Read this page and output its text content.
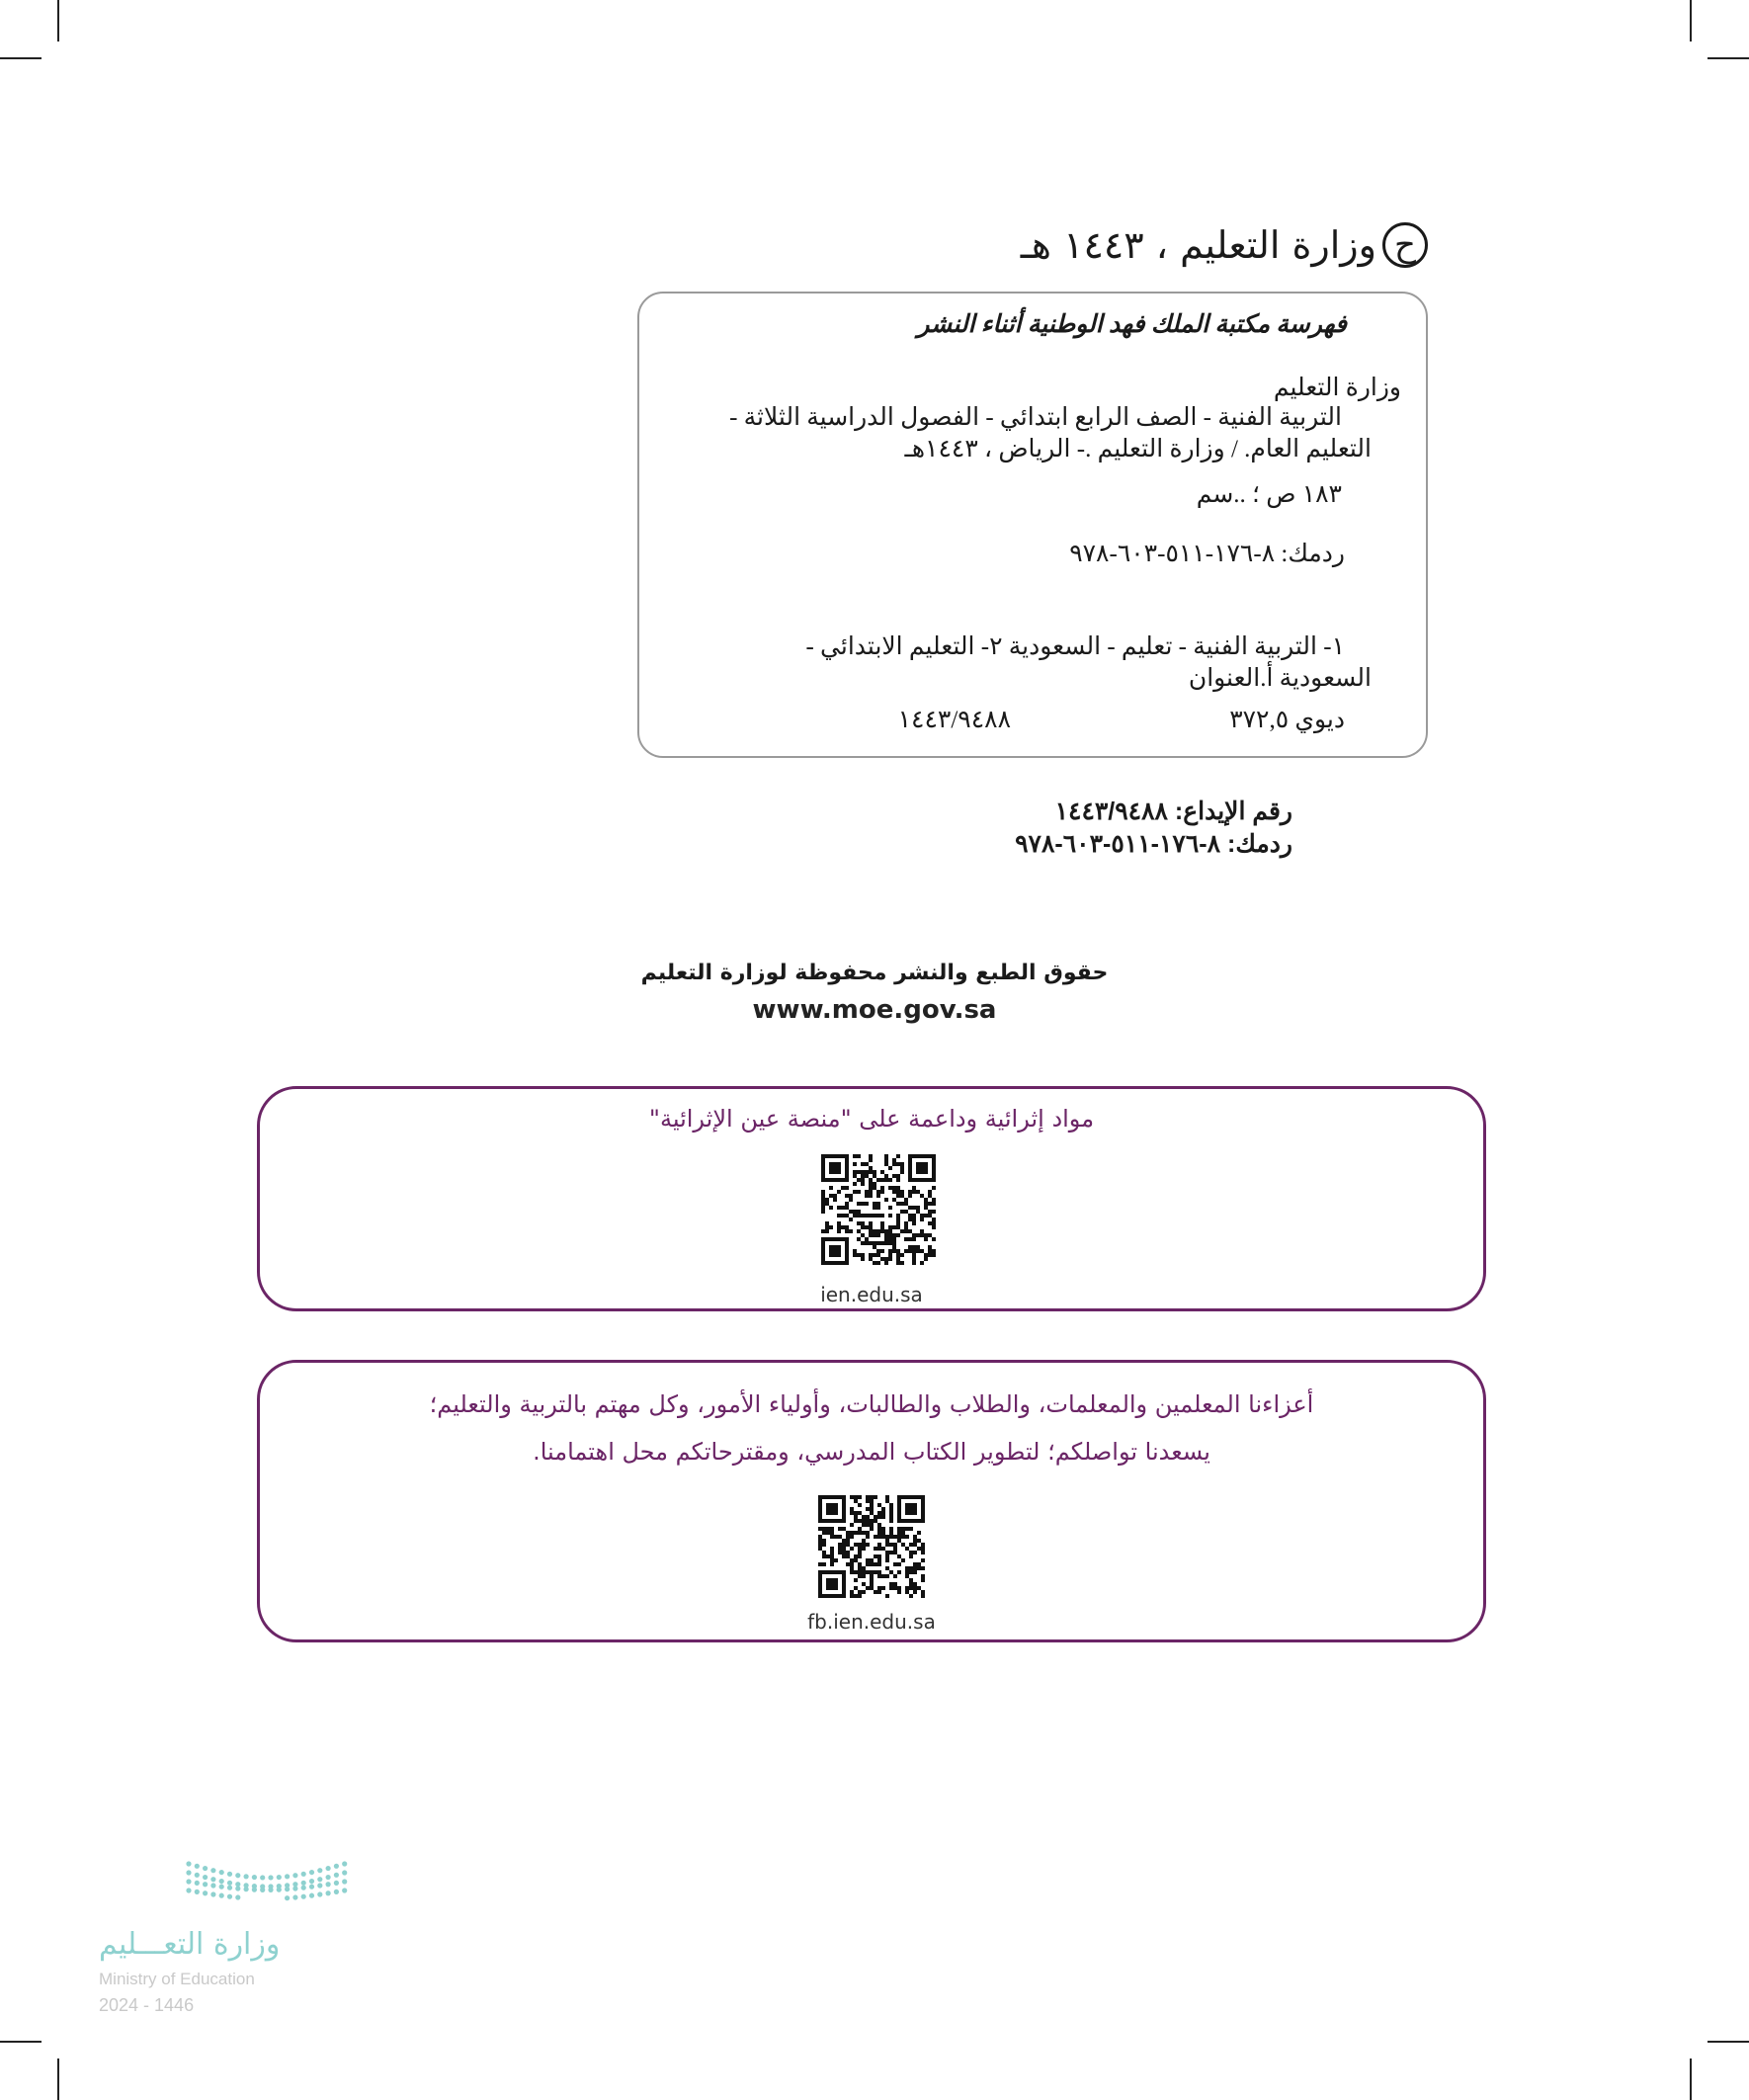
ح
وزارة التعليم ، ١٤٤٣ هـ
فهرسة مكتبة الملك فهد الوطنية أثناء النشر
وزارة التعليم
التربية الفنية - الصف الرابع ابتدائي - الفصول الدراسية الثلاثة -
التعليم العام. / وزارة التعليم .- الرياض ، ١٤٤٣هـ
١٨٣ ص ؛ ..سم
ردمك: ٨-١٧٦-٥١١-٦٠٣-٩٧٨
١- التربية الفنية - تعليم - السعودية ٢- التعليم الابتدائي -
السعودية أ.العنوان
ديوي ٣٧٢,٥
١٤٤٣/٩٤٨٨
رقم الإيداع: ١٤٤٣/٩٤٨٨
ردمك: ٨-١٧٦-٥١١-٦٠٣-٩٧٨
حقوق الطبع والنشر محفوظة لوزارة التعليم
www.moe.gov.sa
مواد إثرائية وداعمة على "منصة عين الإثرائية"
ien.edu.sa
أعزاءنا المعلمين والمعلمات، والطلاب والطالبات، وأولياء الأمور، وكل مهتم بالتربية والتعليم؛
يسعدنا تواصلكم؛ لتطوير الكتاب المدرسي، ومقترحاتكم محل اهتمامنا.
fb.ien.edu.sa
وزارة التعـــليم
Ministry of Education
2024 - 1446
